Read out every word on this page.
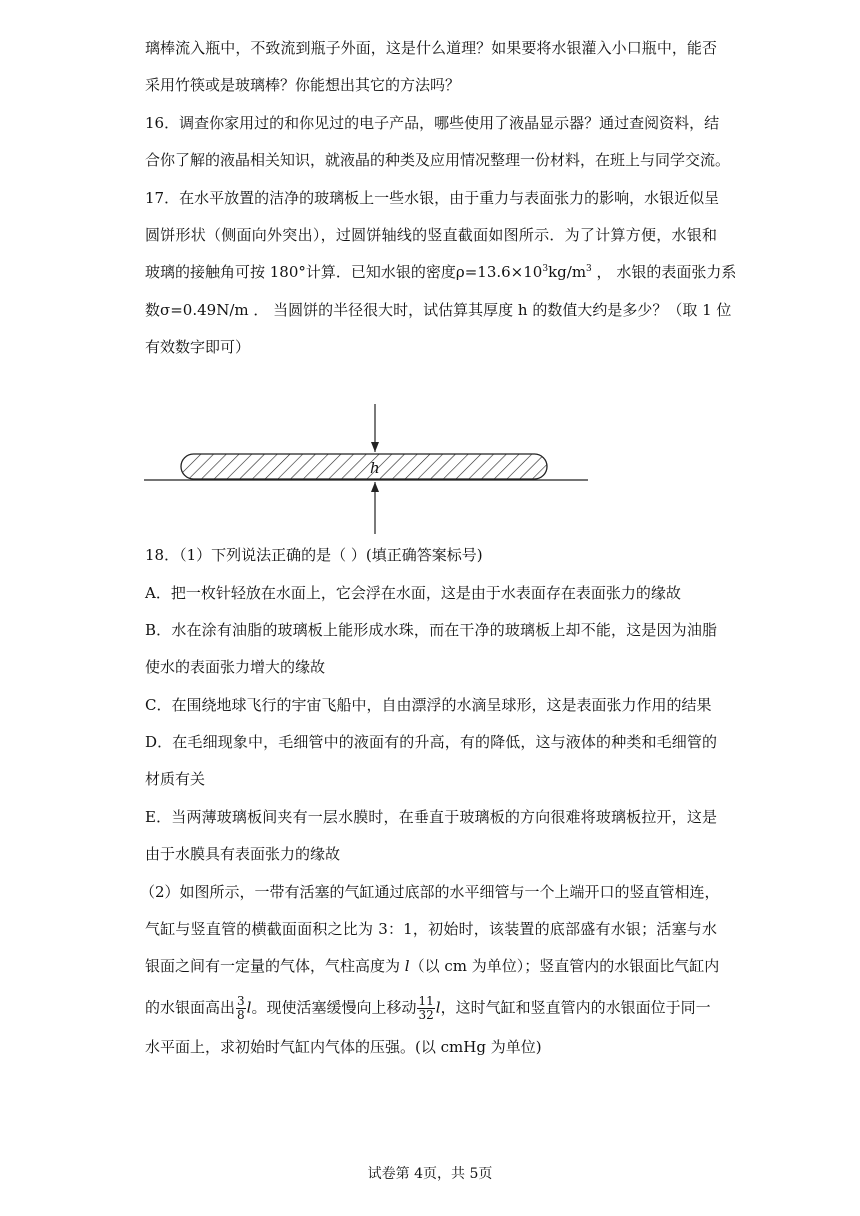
璃棒流入瓶中，不致流到瓶子外面，这是什么道理？如果要将水银灌入小口瓶中，能否
采用竹筷或是玻璃棒？你能想出其它的方法吗？
16．调查你家用过的和你见过的电子产品，哪些使用了液晶显示器？通过查阅资料，结
合你了解的液晶相关知识，就液晶的种类及应用情况整理一份材料，在班上与同学交流。
17．在水平放置的洁净的玻璃板上一些水银，由于重力与表面张力的影响，水银近似呈
圆饼形状（侧面向外突出），过圆饼轴线的竖直截面如图所示．为了计算方便，水银和
玻璃的接触角可按 180°计算．已知水银的密度$\rho=13.6\times 10^3kg/m^3$ ， 水银的表面张力系
数σ=0.49N/m ． 当圆饼的半径很大时，试估算其厚度 h 的数值大约是多少？（取 1 位
有效数字即可）
h
18．（1）下列说法正确的是（ ）(填正确答案标号)
A．把一枚针轻放在水面上，它会浮在水面，这是由于水表面存在表面张力的缘故
B．水在涂有油脂的玻璃板上能形成水珠，而在干净的玻璃板上却不能，这是因为油脂
使水的表面张力增大的缘故
C．在围绕地球飞行的宇宙飞船中，自由漂浮的水滴呈球形，这是表面张力作用的结果
D．在毛细现象中，毛细管中的液面有的升高，有的降低，这与液体的种类和毛细管的
材质有关
E．当两薄玻璃板间夹有一层水膜时，在垂直于玻璃板的方向很难将玻璃板拉开，这是
由于水膜具有表面张力的缘故
（2）如图所示，一带有活塞的气缸通过底部的水平细管与一个上端开口的竖直管相连，
气缸与竖直管的横截面面积之比为 3：1，初始时，该装置的底部盛有水银；活塞与水
银面之间有一定量的气体，气柱高度为 l（以 cm 为单位）；竖直管内的水银面比气缸内
的水银面高出 $\frac{3}{8}$ l。现使活塞缓慢向上移动 $\frac{11}{32}$ l，这时气缸和竖直管内的水银面位于同一
水平面上，求初始时气缸内气体的压强。(以 cmHg 为单位)
试卷第 4页，共 5页
